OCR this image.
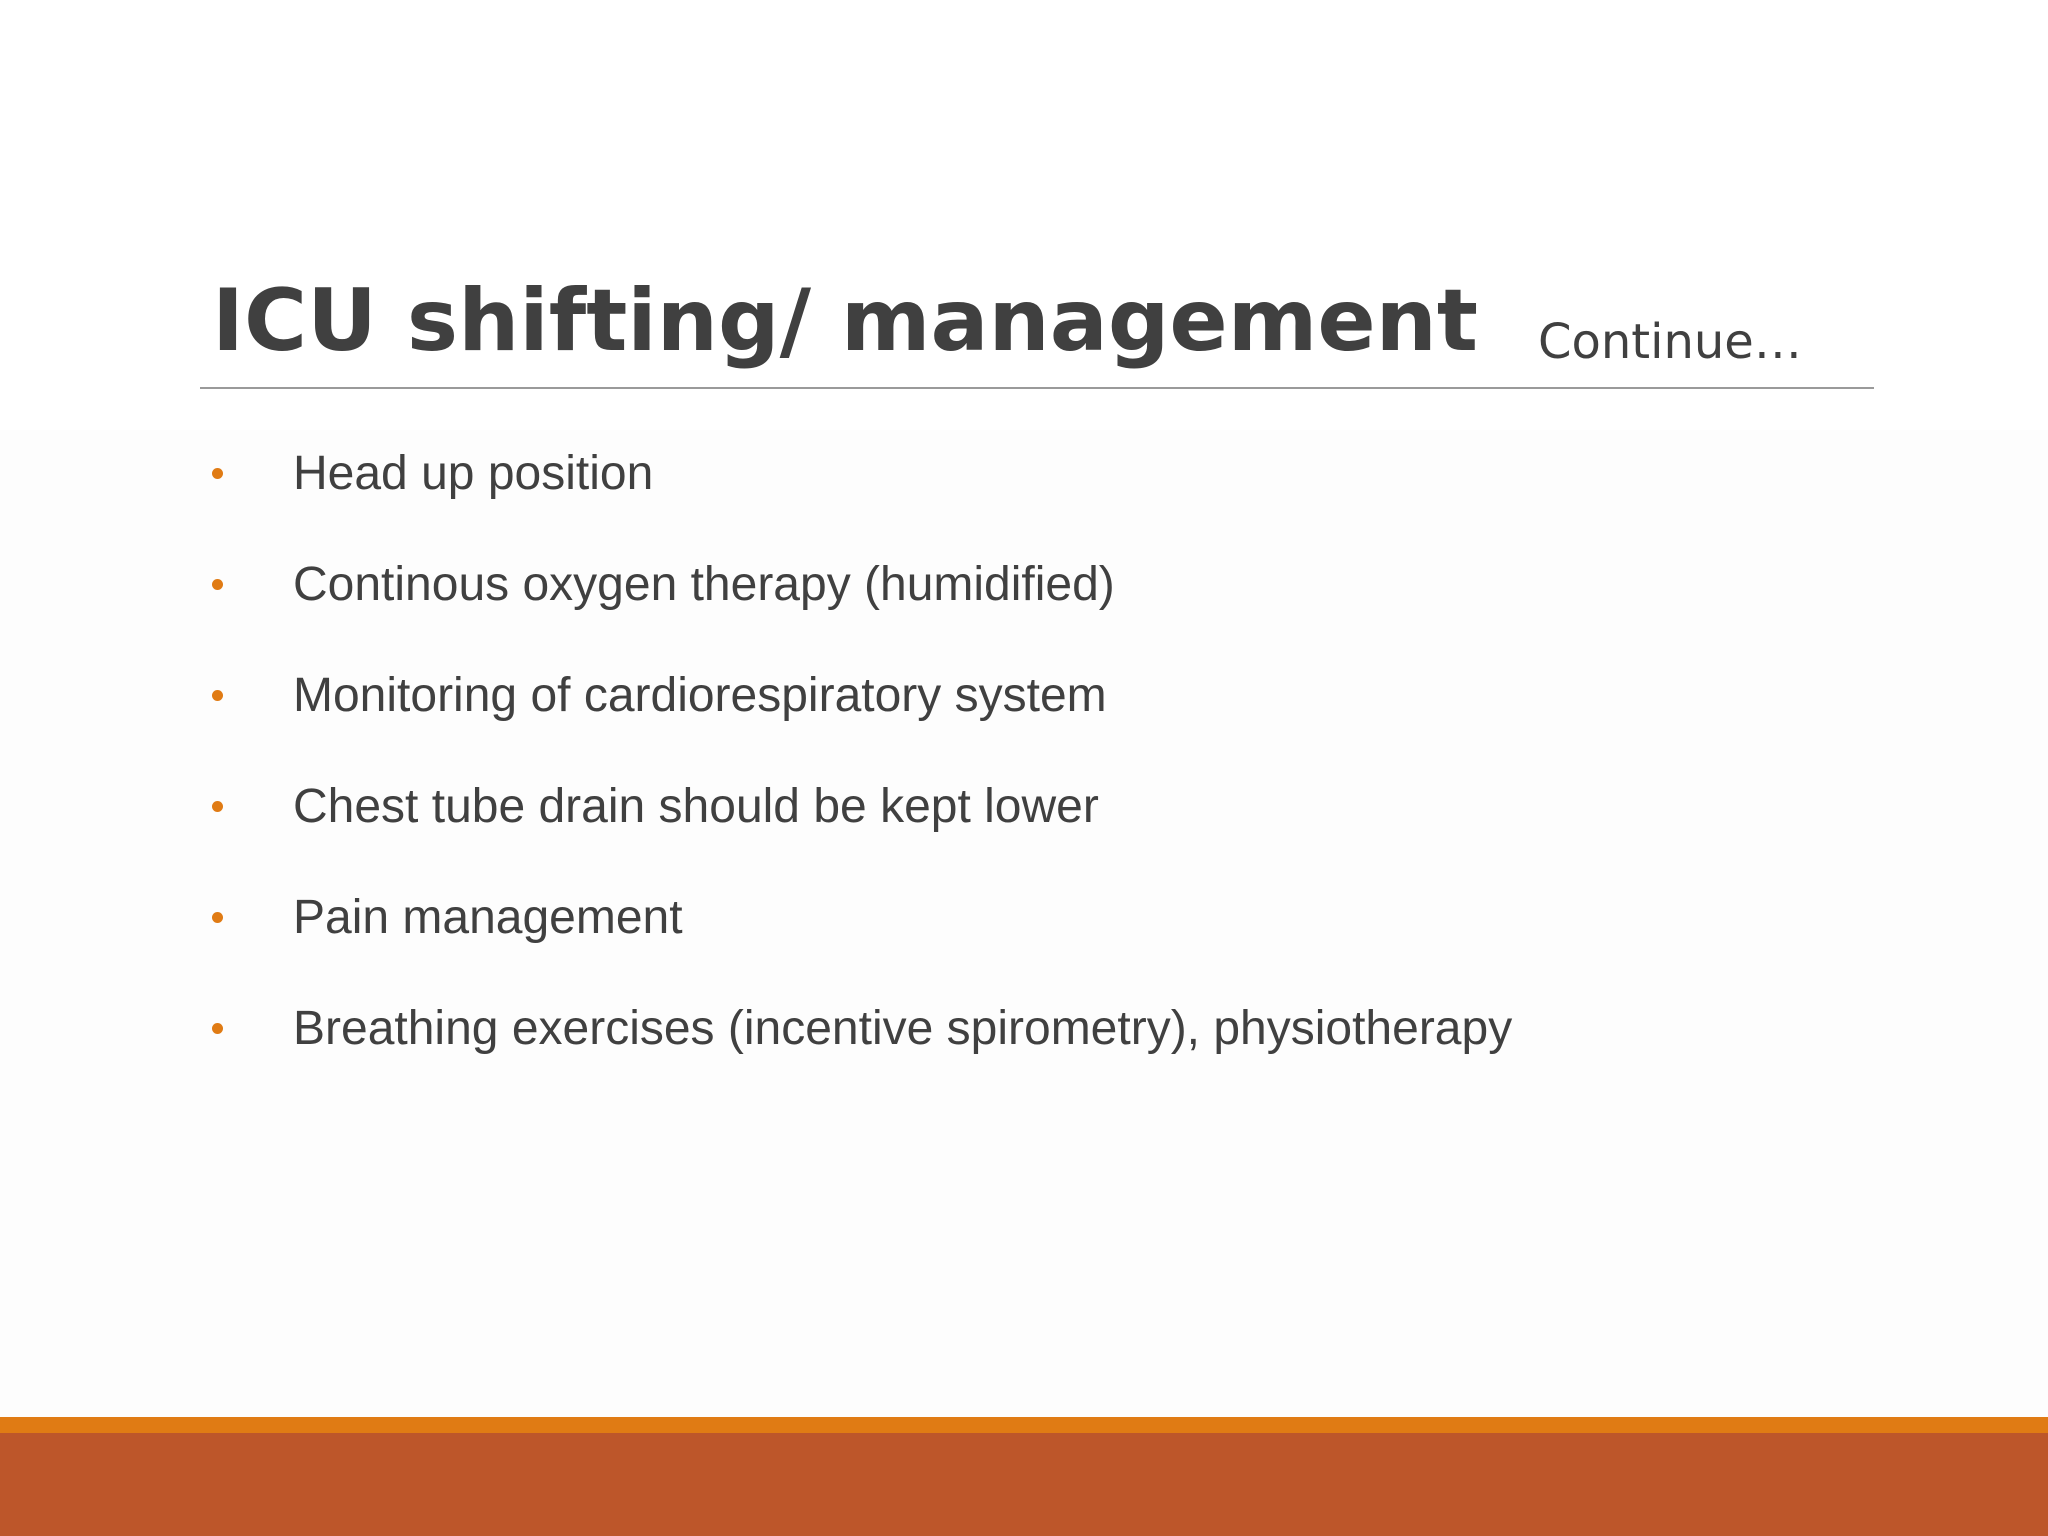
ICU shifting/ management Continue…
Head up position
Continous oxygen therapy (humidified)
Monitoring of cardiorespiratory system
Chest tube drain should be kept lower
Pain management
Breathing exercises (incentive spirometry), physiotherapy
